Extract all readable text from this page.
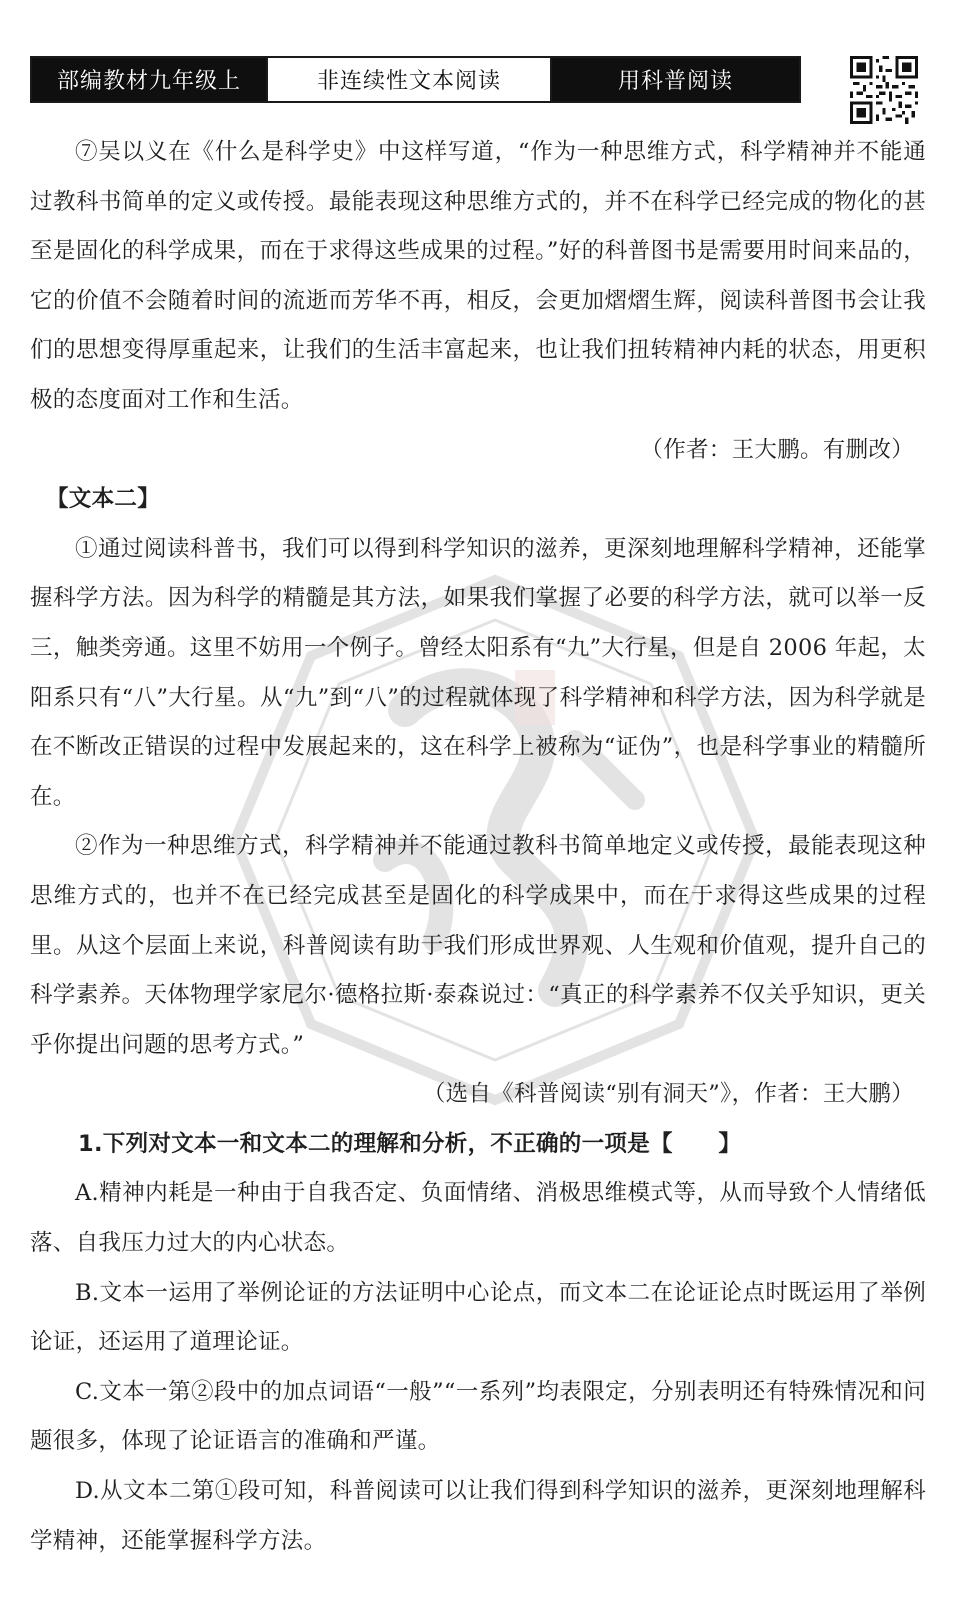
部编教材九年级上	非连续性文本阅读	用科普阅读

⑦吴以义在《什么是科学史》中这样写道，“作为一种思维方式，科学精神并不能通过教科书简单的定义或传授。最能表现这种思维方式的，并不在科学已经完成的物化的甚至是固化的科学成果，而在于求得这些成果的过程。”好的科普图书是需要用时间来品的，它的价值不会随着时间的流逝而芳华不再，相反，会更加熠熠生辉，阅读科普图书会让我们的思想变得厚重起来，让我们的生活丰富起来，也让我们扭转精神内耗的状态，用更积极的态度面对工作和生活。

（作者：王大鹏。有删改）

【文本二】

①通过阅读科普书，我们可以得到科学知识的滋养，更深刻地理解科学精神，还能掌握科学方法。因为科学的精髓是其方法，如果我们掌握了必要的科学方法，就可以举一反三，触类旁通。这里不妨用一个例子。曾经太阳系有“九”大行星，但是自 2006 年起，太阳系只有“八”大行星。从“九”到“八”的过程就体现了科学精神和科学方法，因为科学就是在不断改正错误的过程中发展起来的，这在科学上被称为“证伪”，也是科学事业的精髓所在。

②作为一种思维方式，科学精神并不能通过教科书简单地定义或传授，最能表现这种思维方式的，也并不在已经完成甚至是固化的科学成果中，而在于求得这些成果的过程里。从这个层面上来说，科普阅读有助于我们形成世界观、人生观和价值观，提升自己的科学素养。天体物理学家尼尔·德格拉斯·泰森说过：“真正的科学素养不仅关乎知识，更关乎你提出问题的思考方式。”

（选自《科普阅读“别有洞天”》，作者：王大鹏）

1.下列对文本一和文本二的理解和分析，不正确的一项是【　　】

A.精神内耗是一种由于自我否定、负面情绪、消极思维模式等，从而导致个人情绪低落、自我压力过大的内心状态。

B.文本一运用了举例论证的方法证明中心论点，而文本二在论证论点时既运用了举例论证，还运用了道理论证。

C.文本一第②段中的加点词语“一般”“一系列”均表限定，分别表明还有特殊情况和问题很多，体现了论证语言的准确和严谨。

D.从文本二第①段可知，科普阅读可以让我们得到科学知识的滋养，更深刻地理解科学精神，还能掌握科学方法。
